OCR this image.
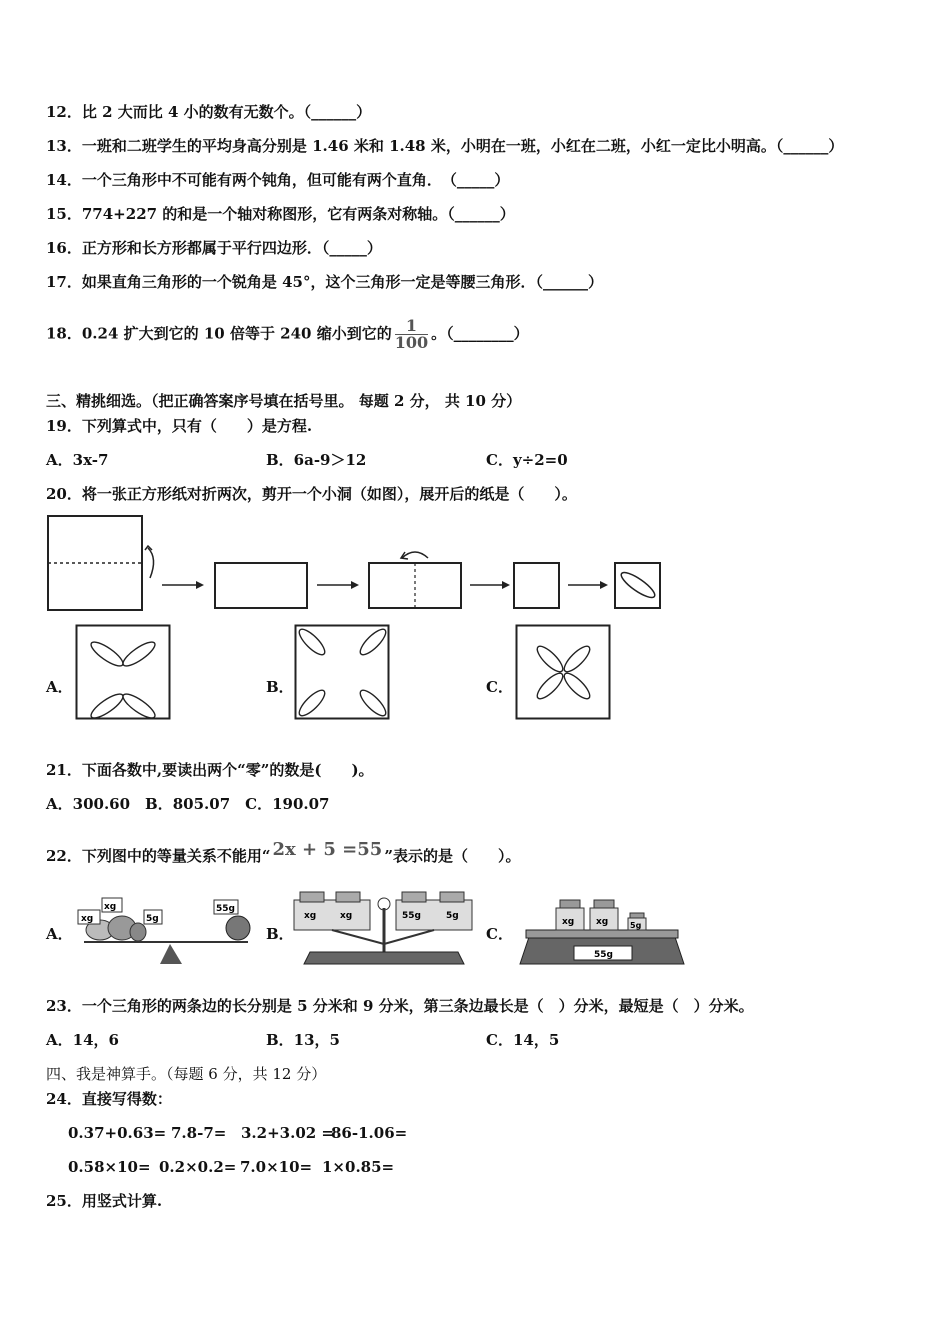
12．比 2 大而比 4 小的数有无数个。（______）
13．一班和二班学生的平均身高分别是 1.46 米和 1.48 米，小明在一班，小红在二班，小红一定比小明高。（______）
14．一个三角形中不可能有两个钝角，但可能有两个直角．　（_____）
15．774+227 的和是一个轴对称图形，它有两条对称轴。（______）
16．正方形和长方形都属于平行四边形．（_____）
17．如果直角三角形的一个锐角是 45°，这个三角形一定是等腰三角形．（______）
18．0.24 扩大到它的 10 倍等于 240 缩小到它的 $\frac{1}{100}$ 。（________）
三、精挑细选。（把正确答案序号填在括号里。 每题 2 分， 共 10 分）
19．下列算式中，只有（　　）是方程.
A．3x-7	B．6a-9＞12	C．y÷2=0
20．将一张正方形纸对折两次，剪开一个小洞（如图），展开后的纸是（　　）。
A．	B．	C．
21．下面各数中,要读出两个“零”的数是(　　)。
A．300.60　B．805.07　C．190.07
22．下列图中的等量关系不能用“ 2x + 5 =55 ”表示的是（　　）。
A．
xg
xg
5g
55g
B．
xg	xg	55g	5g
C．
55g
xg xg	5g
23．一个三角形的两条边的长分别是 5 分米和 9 分米，第三条边最长是（　）分米，最短是（　）分米。
A．14，6	B．13，5	C．14，5
四、我是神算手。（每题 6 分，共 12 分）
24．直接写得数：
0.37+0.63= 7.8-7= 3.2+3.02 =
86-1.06=
0.58×10= 0.2×0.2= 7.0×10= 1×0.85=
25．用竖式计算.
